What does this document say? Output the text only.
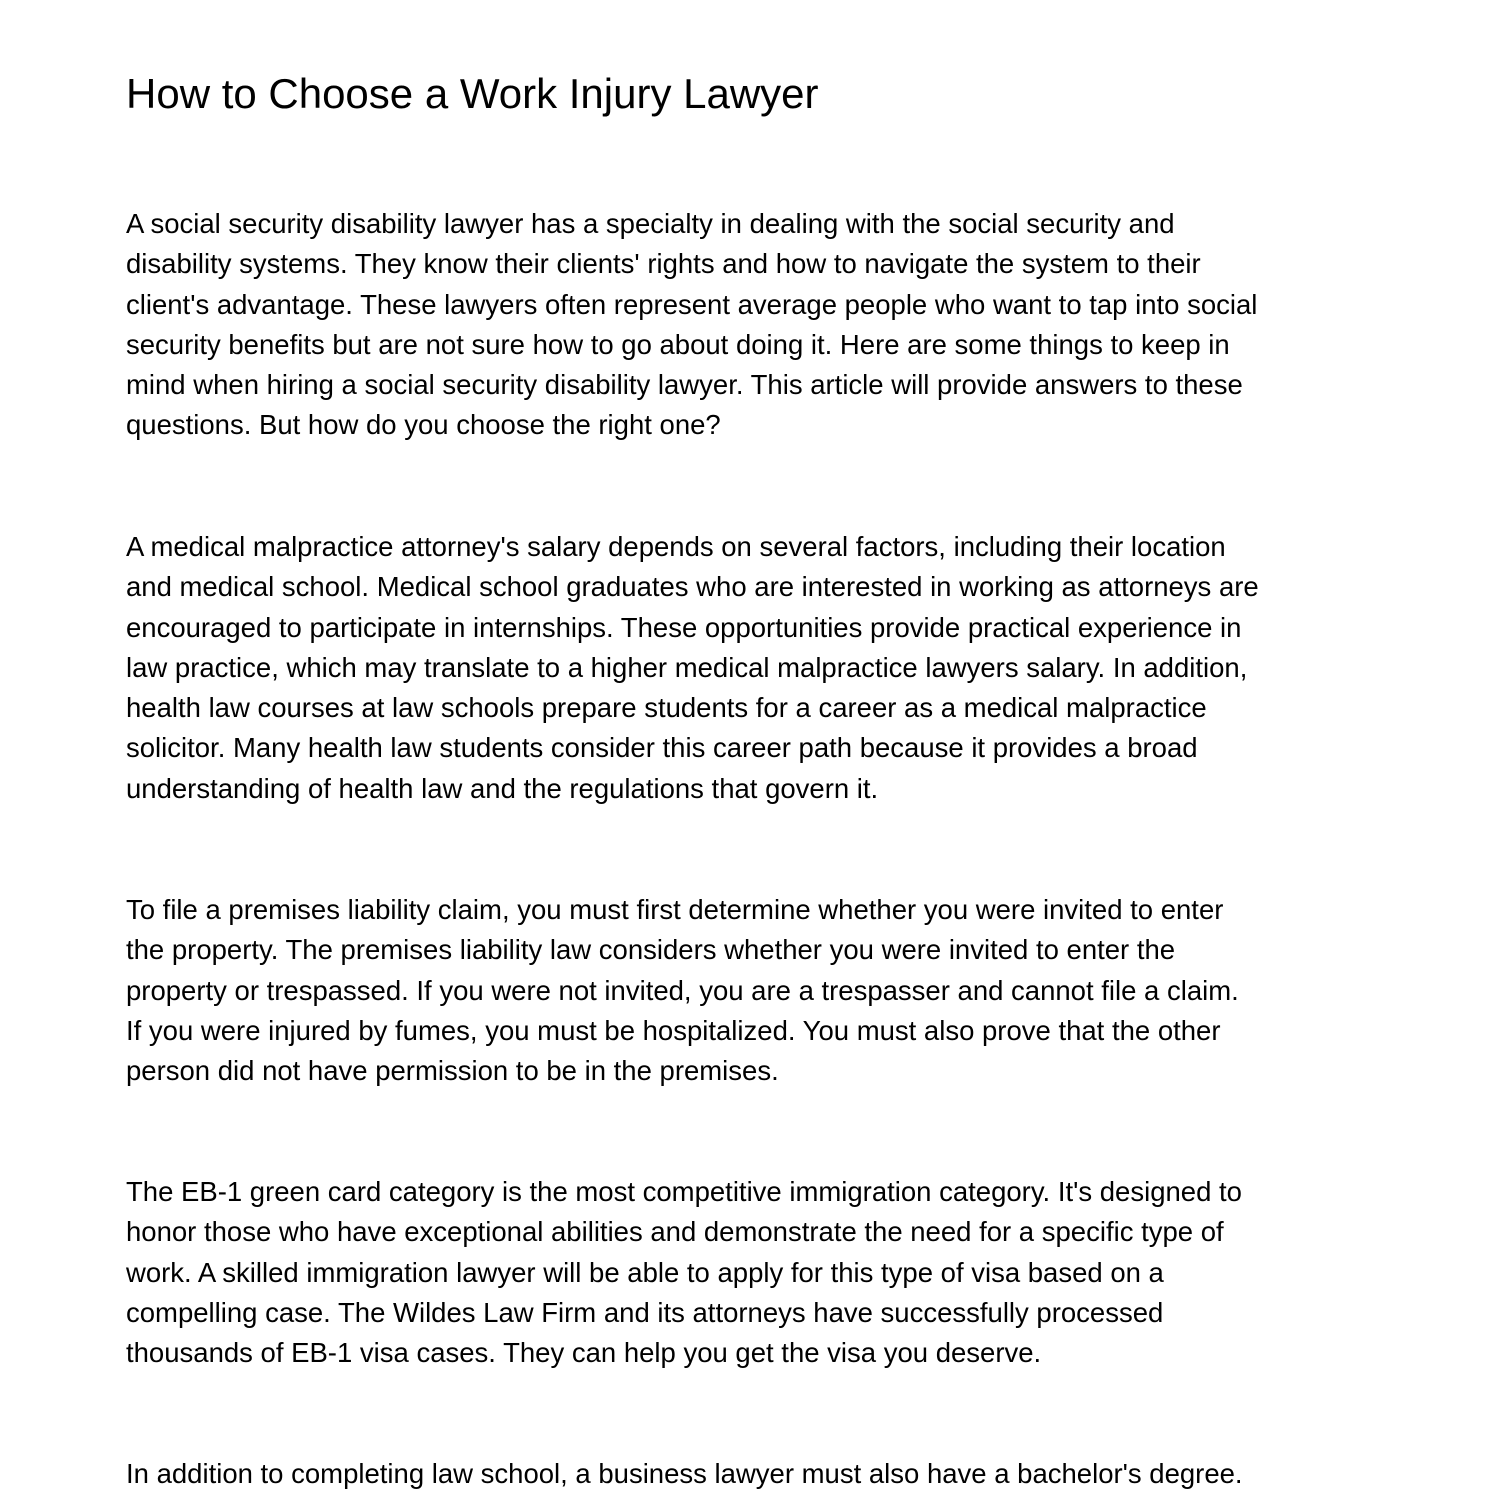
How to Choose a Work Injury Lawyer

A social security disability lawyer has a specialty in dealing with the social security and
disability systems. They know their clients' rights and how to navigate the system to their
client's advantage. These lawyers often represent average people who want to tap into social
security benefits but are not sure how to go about doing it. Here are some things to keep in
mind when hiring a social security disability lawyer. This article will provide answers to these
questions. But how do you choose the right one?

A medical malpractice attorney's salary depends on several factors, including their location
and medical school. Medical school graduates who are interested in working as attorneys are
encouraged to participate in internships. These opportunities provide practical experience in
law practice, which may translate to a higher medical malpractice lawyers salary. In addition,
health law courses at law schools prepare students for a career as a medical malpractice
solicitor. Many health law students consider this career path because it provides a broad
understanding of health law and the regulations that govern it.

To file a premises liability claim, you must first determine whether you were invited to enter
the property. The premises liability law considers whether you were invited to enter the
property or trespassed. If you were not invited, you are a trespasser and cannot file a claim.
If you were injured by fumes, you must be hospitalized. You must also prove that the other
person did not have permission to be in the premises.

The EB-1 green card category is the most competitive immigration category. It's designed to
honor those who have exceptional abilities and demonstrate the need for a specific type of
work. A skilled immigration lawyer will be able to apply for this type of visa based on a
compelling case. The Wildes Law Firm and its attorneys have successfully processed
thousands of EB-1 visa cases. They can help you get the visa you deserve.

In addition to completing law school, a business lawyer must also have a bachelor's degree.
